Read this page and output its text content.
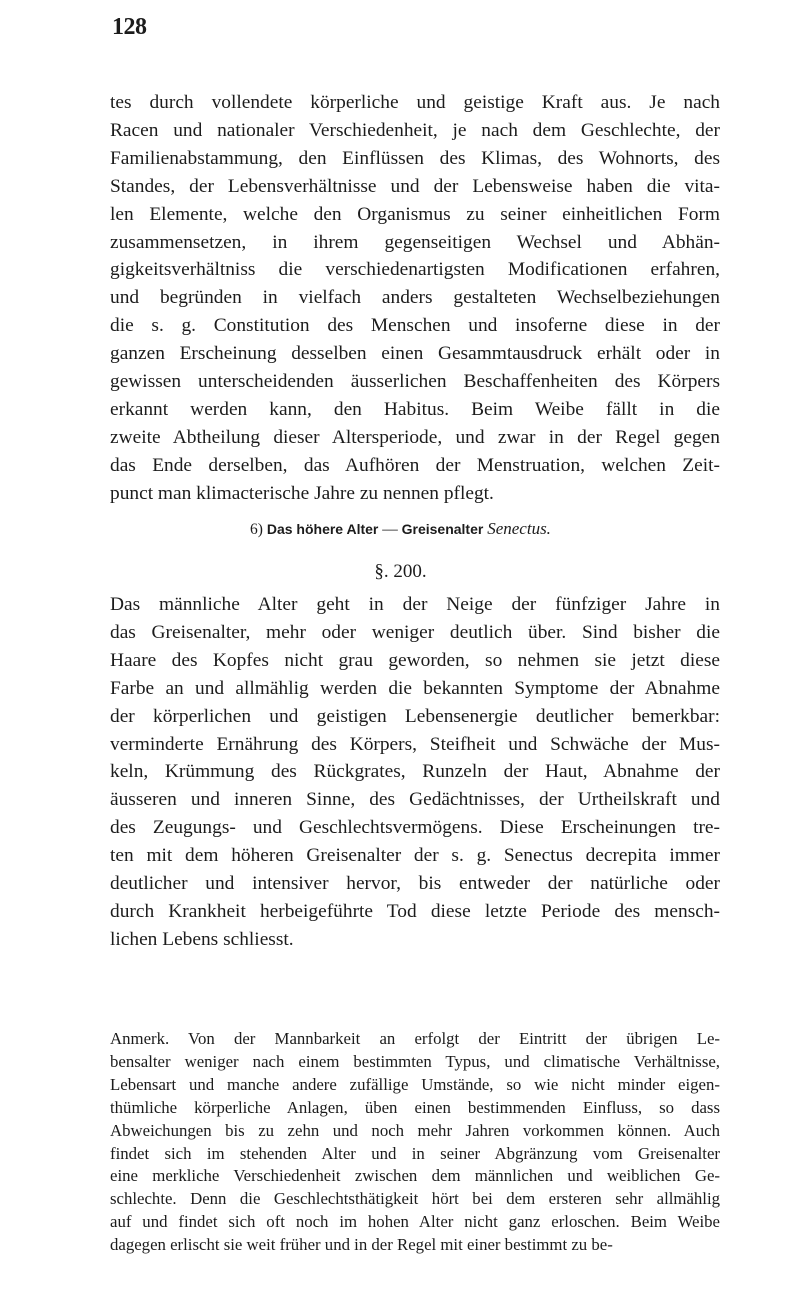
128
tes durch vollendete körperliche und geistige Kraft aus. Je nach
Racen und nationaler Verschiedenheit, je nach dem Geschlechte, der
Familienabstammung, den Einflüssen des Klimas, des Wohnorts, des
Standes, der Lebensverhältnisse und der Lebensweise haben die vita-
len Elemente, welche den Organismus zu seiner einheitlichen Form
zusammensetzen, in ihrem gegenseitigen Wechsel und Abhän-
gigkeitsverhältniss die verschiedenartigsten Modificationen erfahren,
und begründen in vielfach anders gestalteten Wechselbeziehungen
die s. g. Constitution des Menschen und insoferne diese in der
ganzen Erscheinung desselben einen Gesammtausdruck erhält oder in
gewissen unterscheidenden äusserlichen Beschaffenheiten des Körpers
erkannt werden kann, den Habitus. Beim Weibe fällt in die
zweite Abtheilung dieser Altersperiode, und zwar in der Regel gegen
das Ende derselben, das Aufhören der Menstruation, welchen Zeit-
punct man klimacterische Jahre zu nennen pflegt.
6) Das höhere Alter — Greisenalter Senectus.
§. 200.
Das männliche Alter geht in der Neige der fünfziger Jahre in
das Greisenalter, mehr oder weniger deutlich über. Sind bisher die
Haare des Kopfes nicht grau geworden, so nehmen sie jetzt diese
Farbe an und allmählig werden die bekannten Symptome der Abnahme
der körperlichen und geistigen Lebensenergie deutlicher bemerkbar:
verminderte Ernährung des Körpers, Steifheit und Schwäche der Mus-
keln, Krümmung des Rückgrates, Runzeln der Haut, Abnahme der
äusseren und inneren Sinne, des Gedächtnisses, der Urtheilskraft und
des Zeugungs- und Geschlechtsvermögens. Diese Erscheinungen tre-
ten mit dem höheren Greisenalter der s. g. Senectus decrepita immer
deutlicher und intensiver hervor, bis entweder der natürliche oder
durch Krankheit herbeigeführte Tod diese letzte Periode des mensch-
lichen Lebens schliesst.
Anmerk. Von der Mannbarkeit an erfolgt der Eintritt der übrigen Le-
bensalter weniger nach einem bestimmten Typus, und climatische Verhältnisse,
Lebensart und manche andere zufällige Umstände, so wie nicht minder eigen-
thümliche körperliche Anlagen, üben einen bestimmenden Einfluss, so dass
Abweichungen bis zu zehn und noch mehr Jahren vorkommen können. Auch
findet sich im stehenden Alter und in seiner Abgränzung vom Greisenalter
eine merkliche Verschiedenheit zwischen dem männlichen und weiblichen Ge-
schlechte. Denn die Geschlechtsthätigkeit hört bei dem ersteren sehr allmählig
auf und findet sich oft noch im hohen Alter nicht ganz erloschen. Beim Weibe
dagegen erlischt sie weit früher und in der Regel mit einer bestimmt zu be-
